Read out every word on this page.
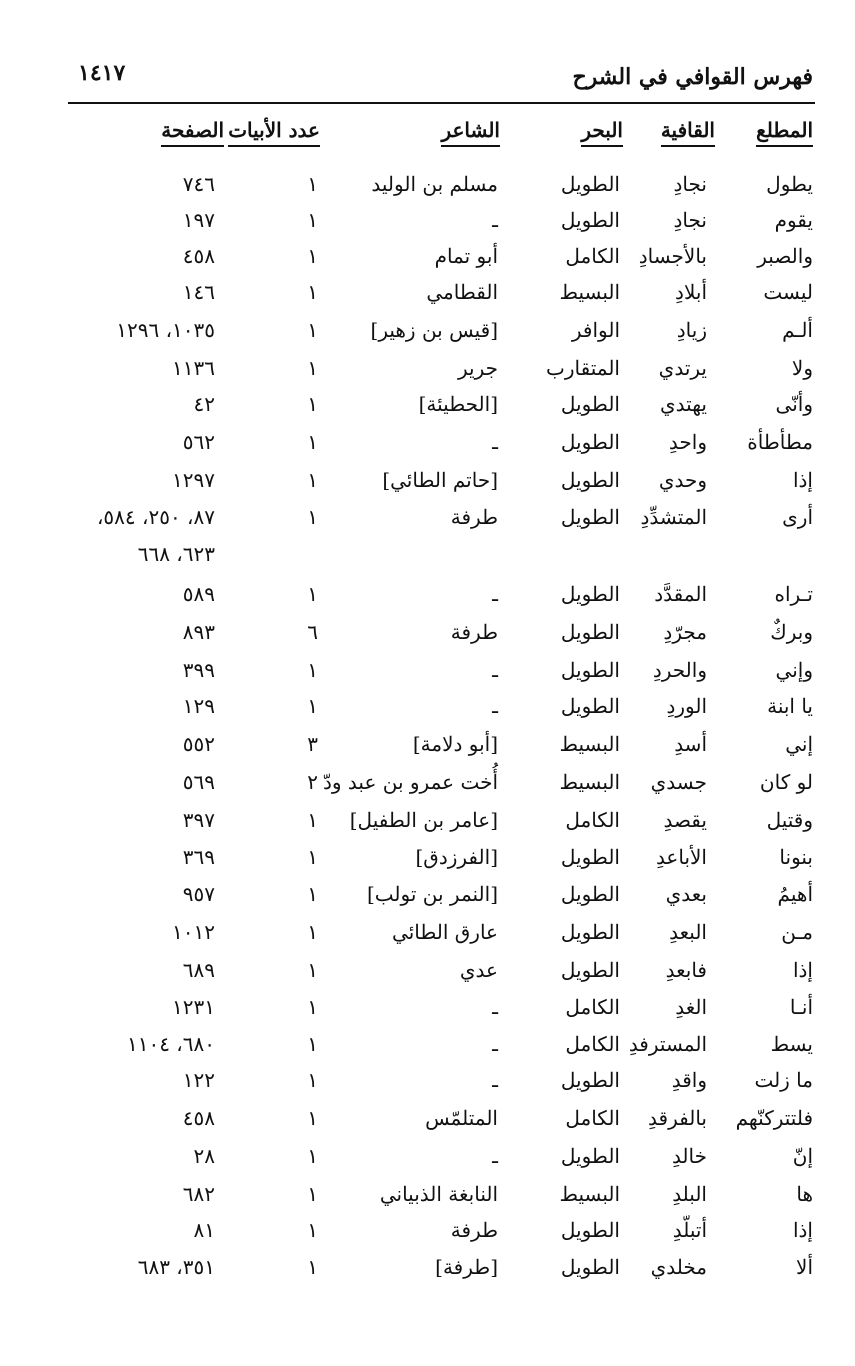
١٤١٧	فهرس القوافي في الشرح
المطلع
القافية
البحر
الشاعر
عدد الأبيات
الصفحة
يطول
نجادِ
الطويل
مسلم بن الوليد
١
٧٤٦
يقوم
نجادِ
الطويل
ـ
١
١٩٧
والصبر
بالأجسادِ
الكامل
أبو تمام
١
٤٥٨
ليست
أبلادِ
البسيط
القطامي
١
١٤٦
ألـم
زيادِ
الوافر
[قيس بن زهير]
١
١٠٣٥، ١٢٩٦
ولا
يرتدي
المتقارب
جرير
١
١١٣٦
وأنّى
يهتدي
الطويل
[الحطيئة]
١
٤٢
مطأطأة
واحدِ
الطويل
ـ
١
٥٦٢
إذا
وحدي
الطويل
[حاتم الطائي]
١
١٢٩٧
أرى
المتشدِّدِ
الطويل
طرفة
١
٨٧، ٢٥٠، ٥٨٤،
٦٢٣، ٦٦٨
تـراه
المقدَّد
الطويل
ـ
١
٥٨٩
وبركٌ
مجرّدِ
الطويل
طرفة
٦
٨٩٣
وإني
والحردِ
الطويل
ـ
١
٣٩٩
يا ابنة
الوردِ
الطويل
ـ
١
١٢٩
إني
أسدِ
البسيط
[أبو دلامة]
٣
٥٥٢
لو كان
جسدي
البسيط
أُخت عمرو بن عبد ودّ
٢
٥٦٩
وقتيل
يقصدِ
الكامل
[عامر بن الطفيل]
١
٣٩٧
بنونا
الأباعدِ
الطويل
[الفرزدق]
١
٣٦٩
أهيمُ
بعدي
الطويل
[النمر بن تولب]
١
٩٥٧
مـن
البعدِ
الطويل
عارق الطائي
١
١٠١٢
إذا
فابعدِ
الطويل
عدي
١
٦٨٩
أنـا
الغدِ
الكامل
ـ
١
١٢٣١
يسط
المسترفدِ
الكامل
ـ
١
٦٨٠، ١١٠٤
ما زلت
واقدِ
الطويل
ـ
١
١٢٢
فلتتركنّهم
بالفرقدِ
الكامل
المتلمّس
١
٤٥٨
إنّ
خالدِ
الطويل
ـ
١
٢٨
ها
البلدِ
البسيط
النابغة الذبياني
١
٦٨٢
إذا
أتبلّدِ
الطويل
طرفة
١
٨١
ألا
مخلدي
الطويل
[طرفة]
١
٣٥١، ٦٨٣
